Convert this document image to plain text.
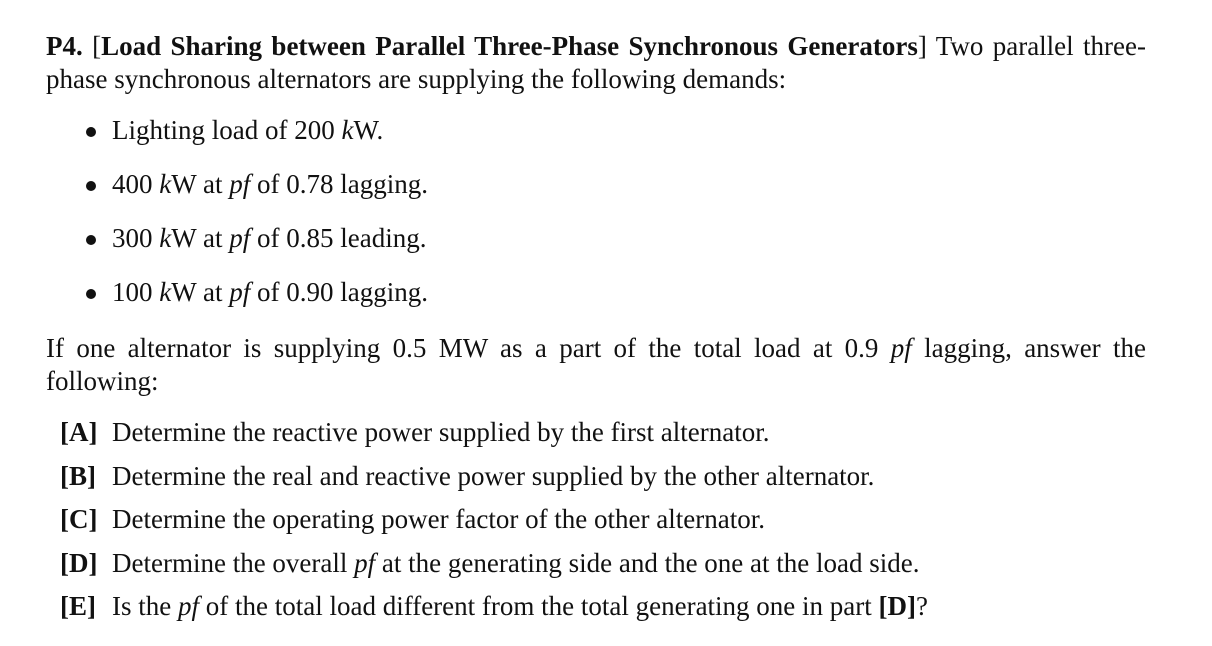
P4. [Load Sharing between Parallel Three-Phase Synchronous Generators] Two parallel three-phase synchronous alternators are supplying the following demands:

Lighting load of 200 kW.
400 kW at pf of 0.78 lagging.
300 kW at pf of 0.85 leading.
100 kW at pf of 0.90 lagging.

If one alternator is supplying 0.5 MW as a part of the total load at 0.9 pf lagging, answer the following:

[A] Determine the reactive power supplied by the first alternator.
[B] Determine the real and reactive power supplied by the other alternator.
[C] Determine the operating power factor of the other alternator.
[D] Determine the overall pf at the generating side and the one at the load side.
[E] Is the pf of the total load different from the total generating one in part [D]?
